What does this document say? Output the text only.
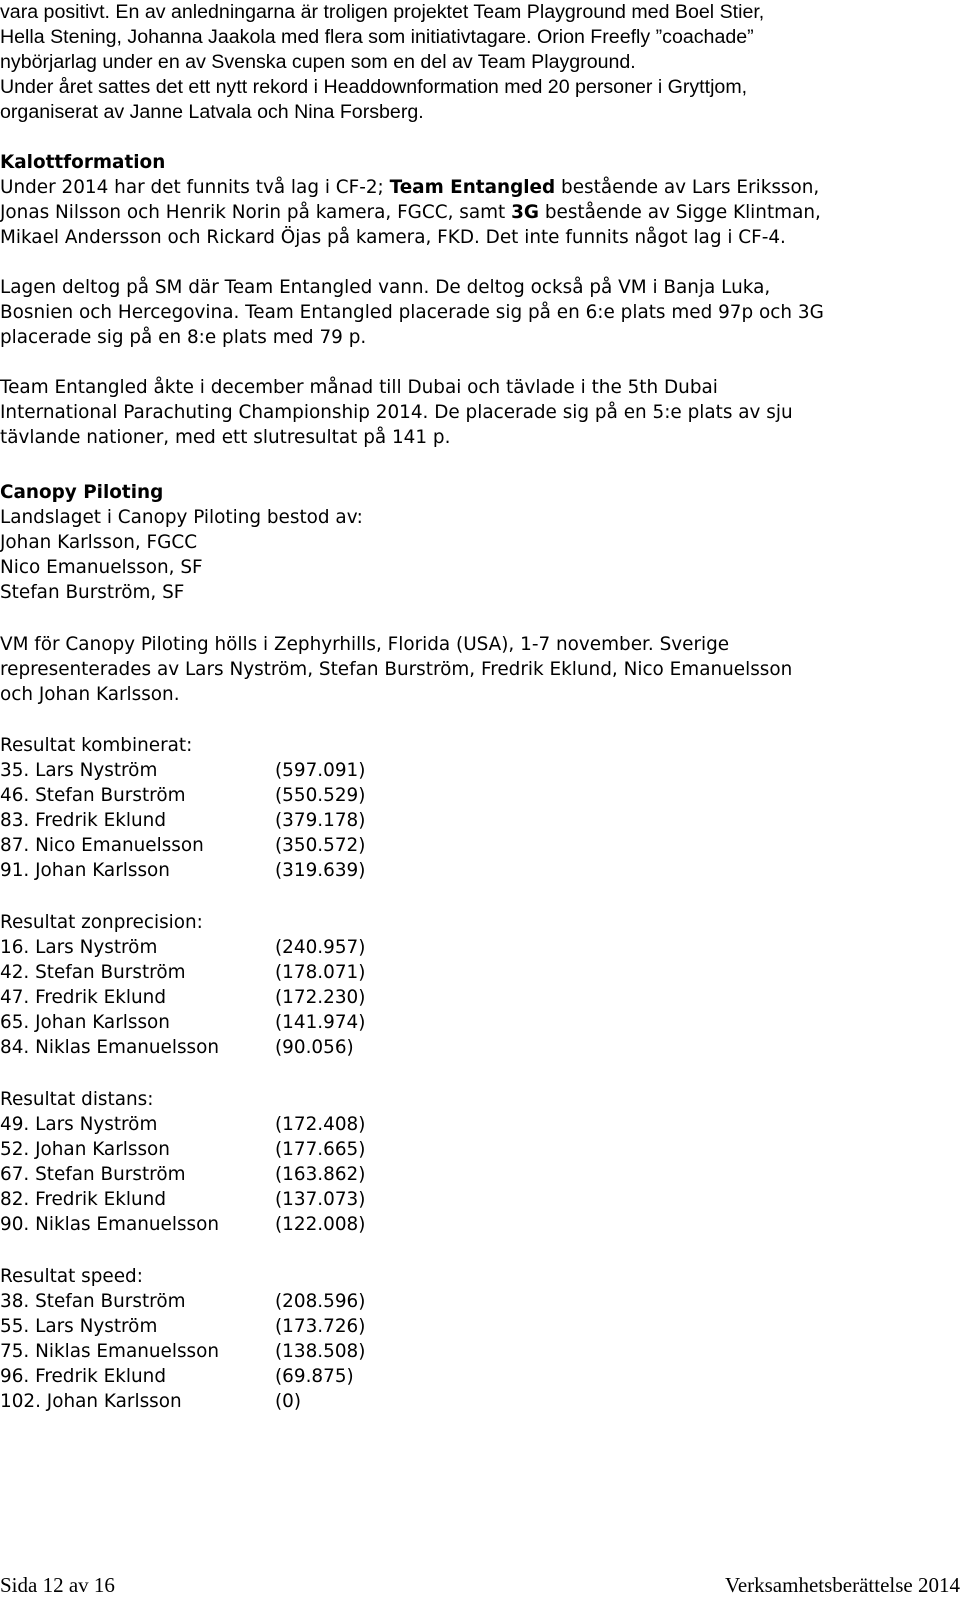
vara positivt. En av anledningarna är troligen projektet Team Playground med Boel Stier,
Hella Stening, Johanna Jaakola med flera som initiativtagare. Orion Freefly ”coachade”
nybörjarlag under en av Svenska cupen som en del av Team Playground.
Under året sattes det ett nytt rekord i Headdownformation med 20 personer i Gryttjom,
organiserat av Janne Latvala och Nina Forsberg.
Kalottformation
Under 2014 har det funnits två lag i CF-2; Team Entangled bestående av Lars Eriksson,
Jonas Nilsson och Henrik Norin på kamera, FGCC, samt 3G bestående av Sigge Klintman,
Mikael Andersson och Rickard Öjas på kamera, FKD. Det inte funnits något lag i CF-4.
Lagen deltog på SM där Team Entangled vann. De deltog också på VM i Banja Luka,
Bosnien och Hercegovina. Team Entangled placerade sig på en 6:e plats med 97p och 3G
placerade sig på en 8:e plats med 79 p.
Team Entangled åkte i december månad till Dubai och tävlade i the 5th Dubai
International Parachuting Championship 2014. De placerade sig på en 5:e plats av sju
tävlande nationer, med ett slutresultat på 141 p.
Canopy Piloting
Landslaget i Canopy Piloting bestod av:
Johan Karlsson, FGCC
Nico Emanuelsson, SF
Stefan Burström, SF
VM för Canopy Piloting hölls i Zephyrhills, Florida (USA), 1-7 november. Sverige
representerades av Lars Nyström, Stefan Burström, Fredrik Eklund, Nico Emanuelsson
och Johan Karlsson.
Resultat kombinerat:
35. Lars Nyström	(597.091)
46. Stefan Burström	(550.529)
83. Fredrik Eklund	(379.178)
87. Nico Emanuelsson	(350.572)
91. Johan Karlsson	(319.639)
Resultat zonprecision:
16. Lars Nyström	(240.957)
42. Stefan Burström	(178.071)
47. Fredrik Eklund	(172.230)
65. Johan Karlsson	(141.974)
84. Niklas Emanuelsson	(90.056)
Resultat distans:
49. Lars Nyström	(172.408)
52. Johan Karlsson	(177.665)
67. Stefan Burström	(163.862)
82. Fredrik Eklund	(137.073)
90. Niklas Emanuelsson	(122.008)
Resultat speed:
38. Stefan Burström	(208.596)
55. Lars Nyström	(173.726)
75. Niklas Emanuelsson	(138.508)
96. Fredrik Eklund	(69.875)
102. Johan Karlsson	(0)
Sida 12 av 16	Verksamhetsberättelse 2014
